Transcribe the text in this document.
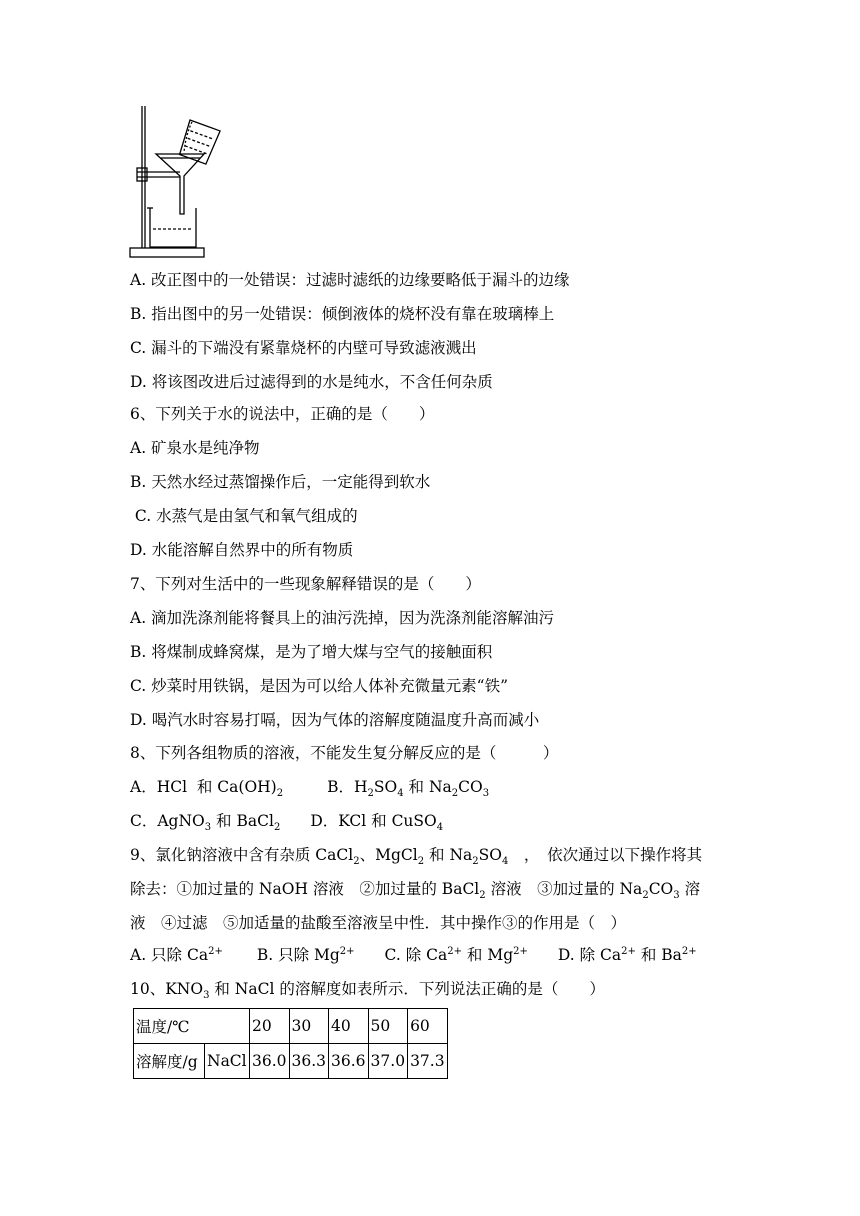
A. 改正图中的一处错误：过滤时滤纸的边缘要略低于漏斗的边缘
B. 指出图中的另一处错误：倾倒液体的烧杯没有靠在玻璃棒上
C. 漏斗的下端没有紧靠烧杯的内壁可导致滤液溅出
D. 将该图改进后过滤得到的水是纯水，不含任何杂质
6、下列关于水的说法中，正确的是（　　）
A. 矿泉水是纯净物
B. 天然水经过蒸馏操作后，一定能得到软水
C. 水蒸气是由氢气和氧气组成的
D. 水能溶解自然界中的所有物质
7、下列对生活中的一些现象解释错误的是（　　）
A. 滴加洗涤剂能将餐具上的油污洗掉，因为洗涤剂能溶解油污
B. 将煤制成蜂窝煤，是为了增大煤与空气的接触面积
C. 炒菜时用铁锅，是因为可以给人体补充微量元素“铁”
D. 喝汽水时容易打嗝，因为气体的溶解度随温度升高而减小
8、下列各组物质的溶液，不能发生复分解反应的是（　　　）
A．HCl  和 $Ca(OH)_2$	B．$H_2SO_4$ 和 $Na_2CO_3$
C．AgNO$_3$ 和 BaCl$_2$ D．KCl 和 CuSO$_4$
9、氯化钠溶液中含有杂质 CaCl$_2$、MgCl$_2$ 和 $Na_2SO_4$　，　依次通过以下操作将其
除去：①加过量的 NaOH 溶液　②加过量的 BaCl$_2$ 溶液　③加过量的 $Na_2CO_3$ 溶
液　④过滤　⑤加适量的盐酸至溶液呈中性．其中操作③的作用是（　）
A. 只除 $Ca^{2+}$ B. 只除 $Mg^{2+}$ C. 除 $Ca^{2+}$ 和 $Mg^{2+}$ D. 除 $Ca^{2+}$ 和 $Ba^{2+}$
10、$KNO_3$ 和 NaCl 的溶解度如表所示．下列说法正确的是（　　）
温度/℃		20	30	40	50	60
溶解度/g	NaCl	36.0	36.3	36.6	37.0	37.3
